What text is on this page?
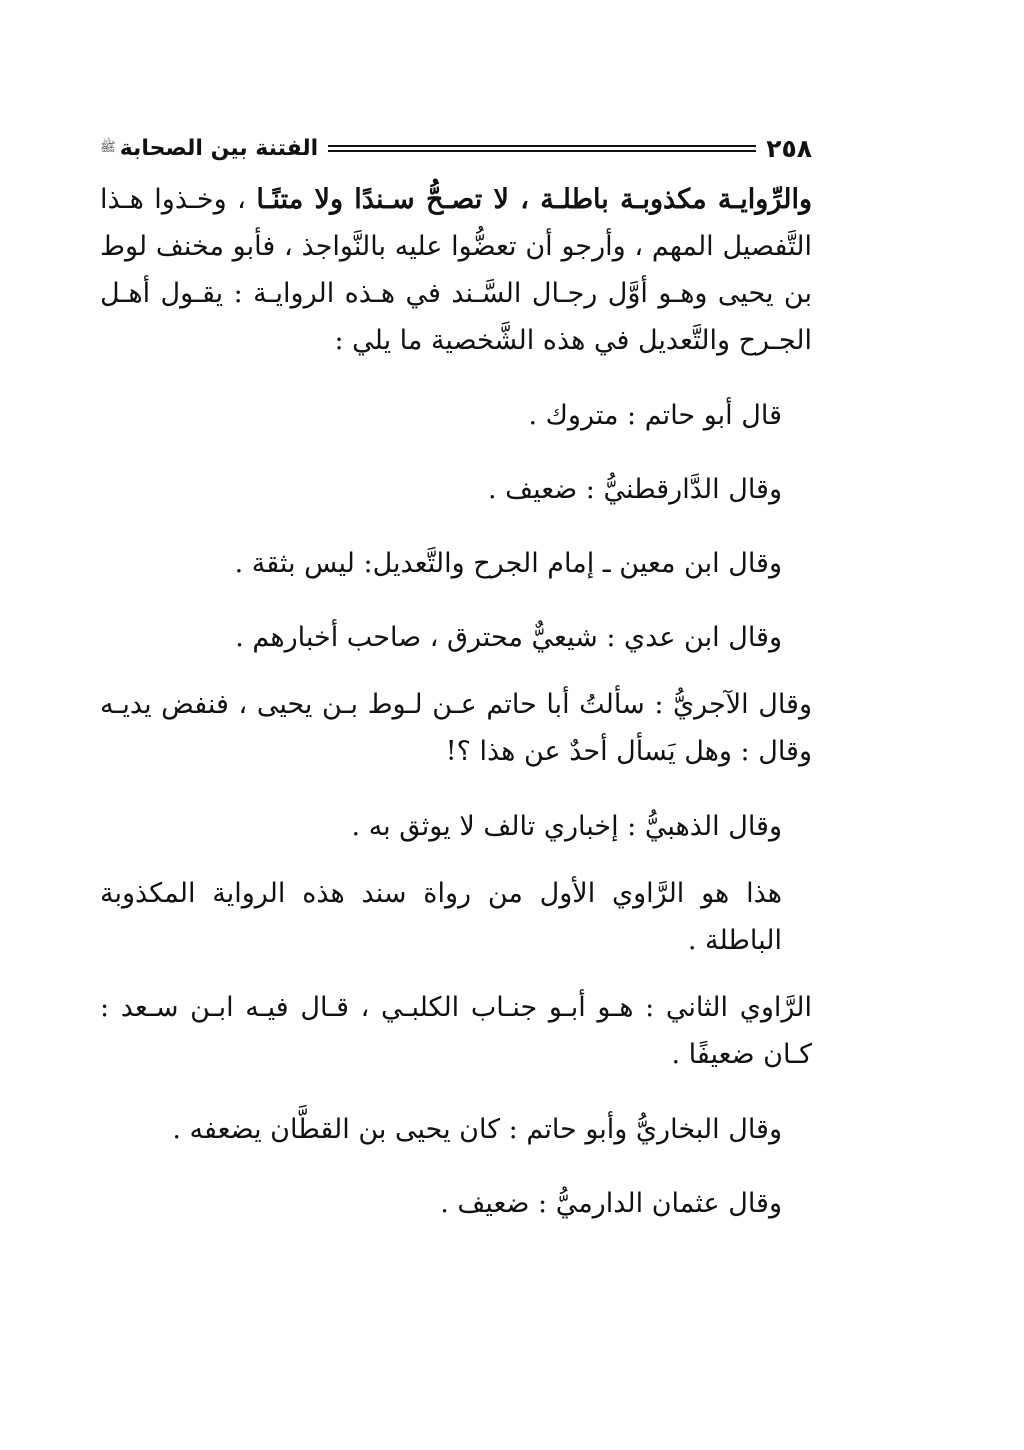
٢٥٨
الفتنة بين الصحابة
ﷺ

والرِّوايـة مكذوبـة باطلـة ، لا تصـحُّ سـندًا ولا متنًـا ، وخـذوا هـذا التَّفصيل المهم ، وأرجو أن تعضُّوا عليه بالنَّواجذ ، فأبو مخنف لوط بن يحيى وهـو أوَّل رجـال السَّـند في هـذه الروايـة : يقـول أهـل الجـرح والتَّعديل في هذه الشَّخصية ما يلي :

قال أبو حاتم : متروك .

وقال الدَّارقطنيُّ : ضعيف .

وقال ابن معين ـ إمام الجرح والتَّعديل: ليس بثقة .

وقال ابن عدي : شيعيٌّ محترق ، صاحب أخبارهم .

وقال الآجريُّ : سألتُ أبا حاتم عـن لـوط بـن يحيى ، فنفض يديـه وقال : وهل يَسأل أحدٌ عن هذا ؟!

وقال الذهبيُّ : إخباري تالف لا يوثق به .

هذا هو الرَّاوي الأول من رواة سند هذه الرواية المكذوبة الباطلة .

الرَّاوي الثاني : هـو أبـو جنـاب الكلبـي ، قـال فيـه ابـن سـعد : كـان ضعيفًا .

وقال البخاريُّ وأبو حاتم : كان يحيى بن القطَّان يضعفه .

وقال عثمان الدارميُّ : ضعيف .
